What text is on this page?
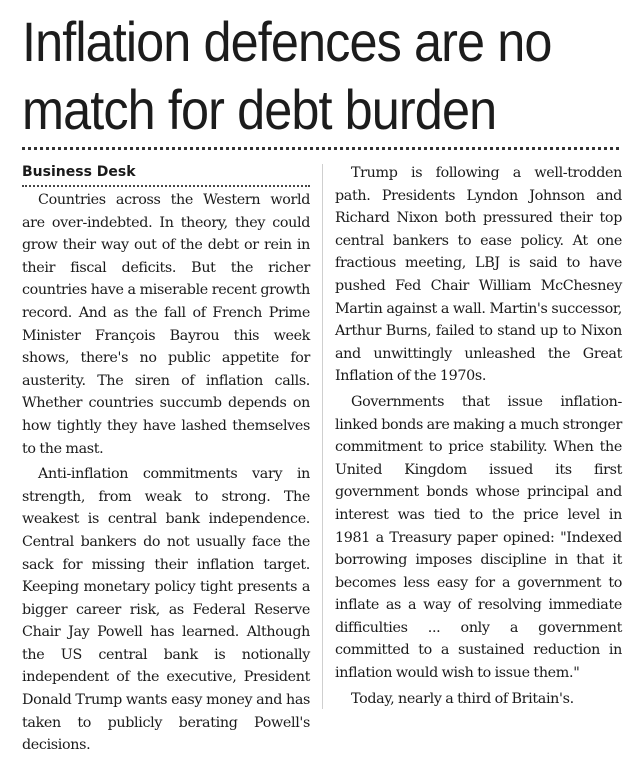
Inflation defences are no
match for debt burden
Business Desk

Countries across the Western world are over-indebted. In theory, they could grow their way out of the debt or rein in their fiscal deficits. But the richer countries have a miserable recent growth record. And as the fall of French Prime Minister François Bayrou this week shows, there's no public appetite for austerity. The siren of inflation calls. Whether countries succumb depends on how tightly they have lashed themselves to the mast.

Anti-inflation commitments vary in strength, from weak to strong. The weakest is central bank independence. Central bankers do not usually face the sack for missing their inflation target. Keeping monetary policy tight presents a bigger career risk, as Federal Reserve Chair Jay Powell has learned. Although the US central bank is notionally independent of the executive, President Donald Trump wants easy money and has taken to publicly berating Powell's decisions.

Trump is following a well-trodden path. Presidents Lyndon Johnson and Richard Nixon both pressured their top central bankers to ease policy. At one fractious meeting, LBJ is said to have pushed Fed Chair William McChesney Martin against a wall. Martin's successor, Arthur Burns, failed to stand up to Nixon and unwittingly unleashed the Great Inflation of the 1970s.

Governments that issue inflation-linked bonds are making a much stronger commitment to price stability. When the United Kingdom issued its first government bonds whose principal and interest was tied to the price level in 1981 a Treasury paper opined: "Indexed borrowing imposes discipline in that it becomes less easy for a government to inflate as a way of resolving immediate difficulties ... only a government committed to a sustained reduction in inflation would wish to issue them."

Today, nearly a third of Britain's.
